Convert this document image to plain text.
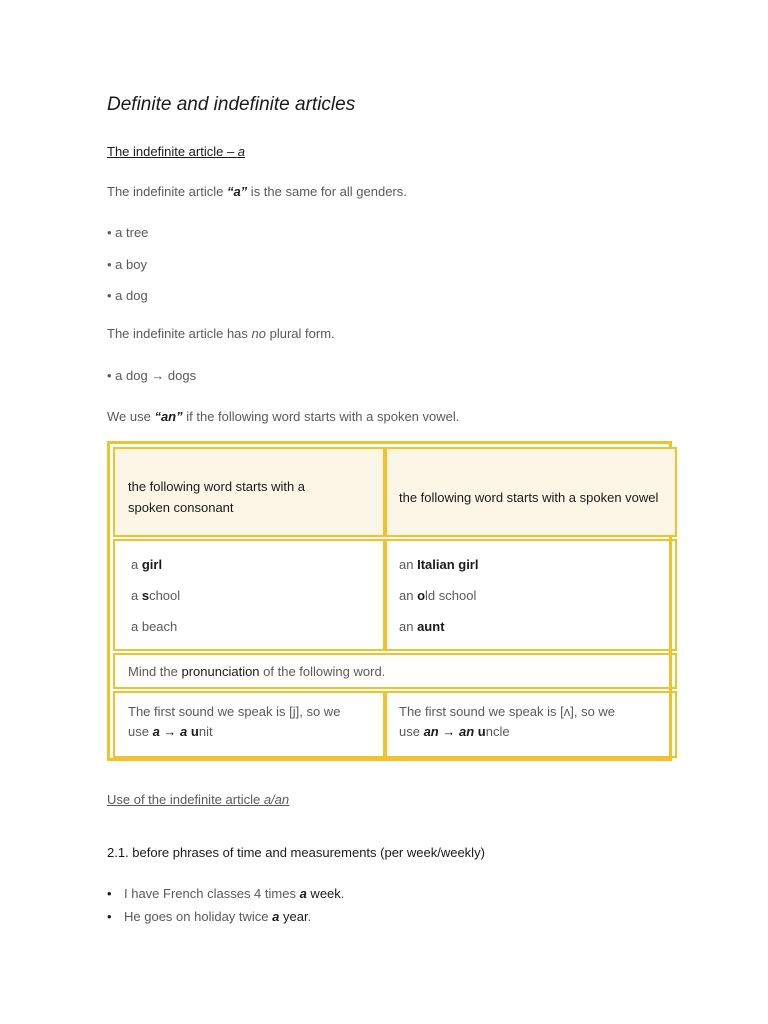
Definite and indefinite articles
The indefinite article – a
The indefinite article “a” is the same for all genders.
• a tree
• a boy
• a dog
The indefinite article has no plural form.
• a dog → dogs
We use “an” if the following word starts with a spoken vowel.
the following word starts with a
spoken consonant
the following word starts with a spoken vowel
a girl
a school
a beach
an Italian girl
an old school
an aunt
Mind the pronunciation of the following word.
The first sound we speak is [j], so we
use a → a unit
The first sound we speak is [ʌ], so we
use an → an uncle
Use of the indefinite article a/an
2.1. before phrases of time and measurements (per week/weekly)
• I have French classes 4 times a week.
• He goes on holiday twice a year.
